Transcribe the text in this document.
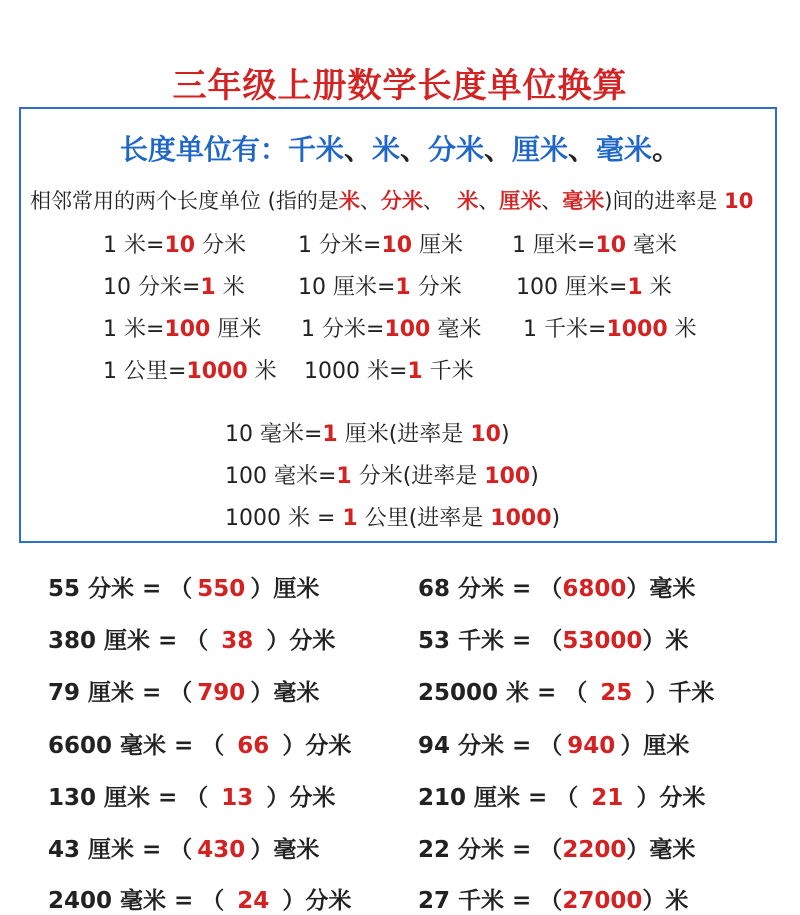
三年级上册数学长度单位换算
长度单位有：千米、米、分米、厘米、毫米。
相邻常用的两个长度单位 (指的是米、分米、  米、厘米、毫米)间的进率是 10
1 米=10 分米 1 分米=10 厘米 1 厘米=10 毫米
10 分米=1 米 10 厘米=1 分米 100 厘米=1 米
1 米=100 厘米 1 分米=100 毫米 1 千米=1000 米
1 公里=1000 米 1000 米=1 千米
10 毫米=1 厘米(进率是 10)
100 毫米=1 分米(进率是 100)
1000 米 = 1 公里(进率是 1000)
55 分米 = （ 550 ）厘米
380 厘米 = （ 38 ）分米
79 厘米 = （ 790 ）毫米
6600 毫米 = （ 66 ）分米
130 厘米 = （ 13 ）分米
43 厘米 = （ 430 ）毫米
2400 毫米 = （ 24 ）分米
68 分米 = （6800）毫米
53 千米 = （53000）米
25000 米 = （ 25 ）千米
94 分米 = （ 940 ）厘米
210 厘米 = （ 21 ）分米
22 分米 = （2200）毫米
27 千米 = （27000）米
